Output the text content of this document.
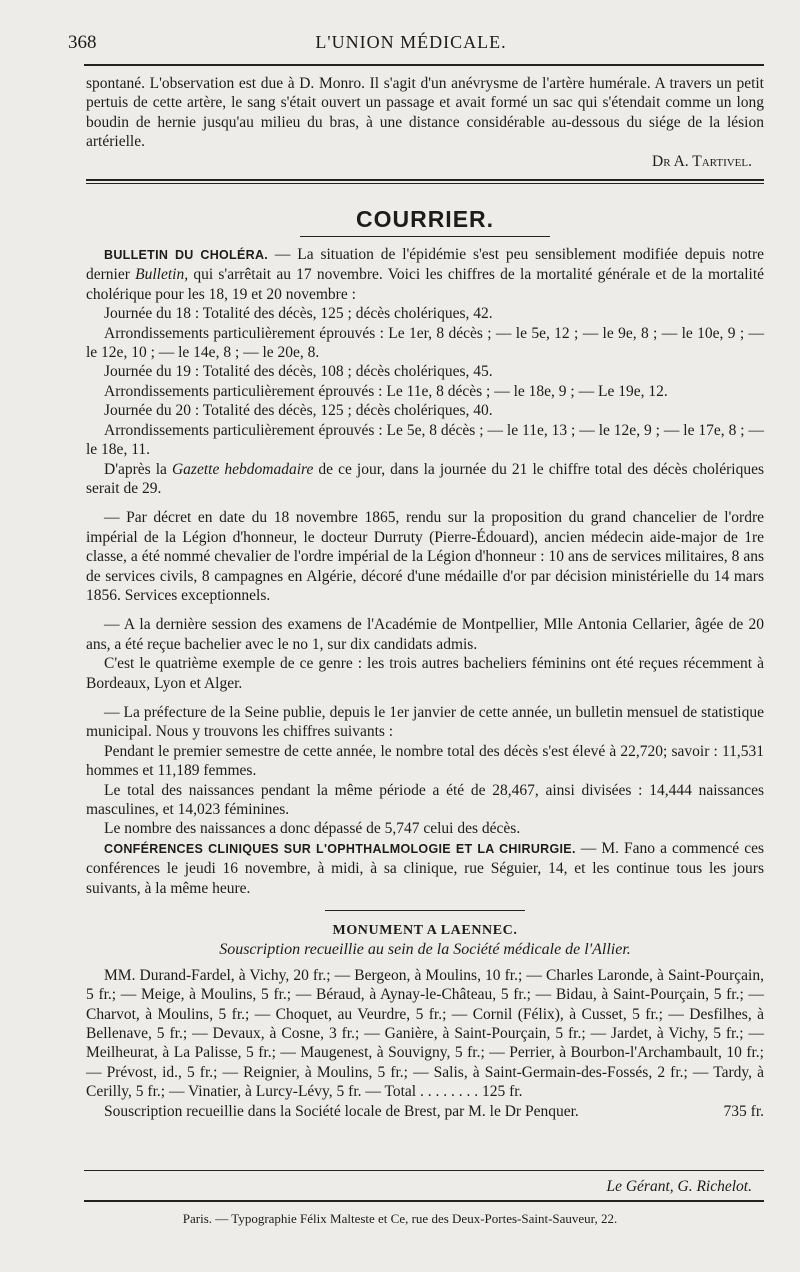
368	L'UNION MÉDICALE.

spontané. L'observation est due à D. Monro. Il s'agit d'un anévrysme de l'artère humérale. A travers un petit pertuis de cette artère, le sang s'était ouvert un passage et avait formé un sac qui s'étendait comme un long boudin de hernie jusqu'au milieu du bras, à une distance considérable au-dessous du siége de la lésion artérielle.

Dr A. Tartivel.

COURRIER.

BULLETIN DU CHOLÉRA. — La situation de l'épidémie s'est peu sensiblement modifiée depuis notre dernier Bulletin, qui s'arrêtait au 17 novembre. Voici les chiffres de la mortalité générale et de la mortalité cholérique pour les 18, 19 et 20 novembre :

Journée du 18 : Totalité des décès, 125 ; décès cholériques, 42.

Arrondissements particulièrement éprouvés : Le 1er, 8 décès ; — le 5e, 12 ; — le 9e, 8 ; — le 10e, 9 ; — le 12e, 10 ; — le 14e, 8 ; — le 20e, 8.

Journée du 19 : Totalité des décès, 108 ; décès cholériques, 45.

Arrondissements particulièrement éprouvés : Le 11e, 8 décès ; — le 18e, 9 ; — Le 19e, 12.

Journée du 20 : Totalité des décès, 125 ; décès cholériques, 40.

Arrondissements particulièrement éprouvés : Le 5e, 8 décès ; — le 11e, 13 ; — le 12e, 9 ; — le 17e, 8 ; — le 18e, 11.

D'après la Gazette hebdomadaire de ce jour, dans la journée du 21 le chiffre total des décès cholériques serait de 29.

— Par décret en date du 18 novembre 1865, rendu sur la proposition du grand chancelier de l'ordre impérial de la Légion d'honneur, le docteur Durruty (Pierre-Édouard), ancien médecin aide-major de 1re classe, a été nommé chevalier de l'ordre impérial de la Légion d'honneur : 10 ans de services militaires, 8 ans de services civils, 8 campagnes en Algérie, décoré d'une médaille d'or par décision ministérielle du 14 mars 1856. Services exceptionnels.

— A la dernière session des examens de l'Académie de Montpellier, Mlle Antonia Cellarier, âgée de 20 ans, a été reçue bachelier avec le no 1, sur dix candidats admis.

C'est le quatrième exemple de ce genre : les trois autres bacheliers féminins ont été reçues récemment à Bordeaux, Lyon et Alger.

— La préfecture de la Seine publie, depuis le 1er janvier de cette année, un bulletin mensuel de statistique municipal. Nous y trouvons les chiffres suivants :

Pendant le premier semestre de cette année, le nombre total des décès s'est élevé à 22,720; savoir : 11,531 hommes et 11,189 femmes.

Le total des naissances pendant la même période a été de 28,467, ainsi divisées : 14,444 naissances masculines, et 14,023 féminines.

Le nombre des naissances a donc dépassé de 5,747 celui des décès.

CONFÉRENCES CLINIQUES SUR L'OPHTHALMOLOGIE ET LA CHIRURGIE. — M. Fano a commencé ces conférences le jeudi 16 novembre, à midi, à sa clinique, rue Séguier, 14, et les continue tous les jours suivants, à la même heure.

MONUMENT A LAENNEC.

Souscription recueillie au sein de la Société médicale de l'Allier.

MM. Durand-Fardel, à Vichy, 20 fr.; — Bergeon, à Moulins, 10 fr.; — Charles Laronde, à Saint-Pourçain, 5 fr.; — Meige, à Moulins, 5 fr.; — Béraud, à Aynay-le-Château, 5 fr.; — Bidau, à Saint-Pourçain, 5 fr.; — Charvot, à Moulins, 5 fr.; — Choquet, au Veurdre, 5 fr.; — Cornil (Félix), à Cusset, 5 fr.; — Desfilhes, à Bellenave, 5 fr.; — Devaux, à Cosne, 3 fr.; — Ganière, à Saint-Pourçain, 5 fr.; — Jardet, à Vichy, 5 fr.; — Meilheurat, à La Palisse, 5 fr.; — Maugenest, à Souvigny, 5 fr.; — Perrier, à Bourbon-l'Archambault, 10 fr.; — Prévost, id., 5 fr.; — Reignier, à Moulins, 5 fr.; — Salis, à Saint-Germain-des-Fossés, 2 fr.; — Tardy, à Cerilly, 5 fr.; — Vinatier, à Lurcy-Lévy, 5 fr. — Total . . . . . . . . 125 fr.

Souscription recueillie dans la Société locale de Brest, par M. le Dr Penquer.	735 fr.

Le Gérant, G. Richelot.
Paris. — Typographie Félix Malteste et Ce, rue des Deux-Portes-Saint-Sauveur, 22.
